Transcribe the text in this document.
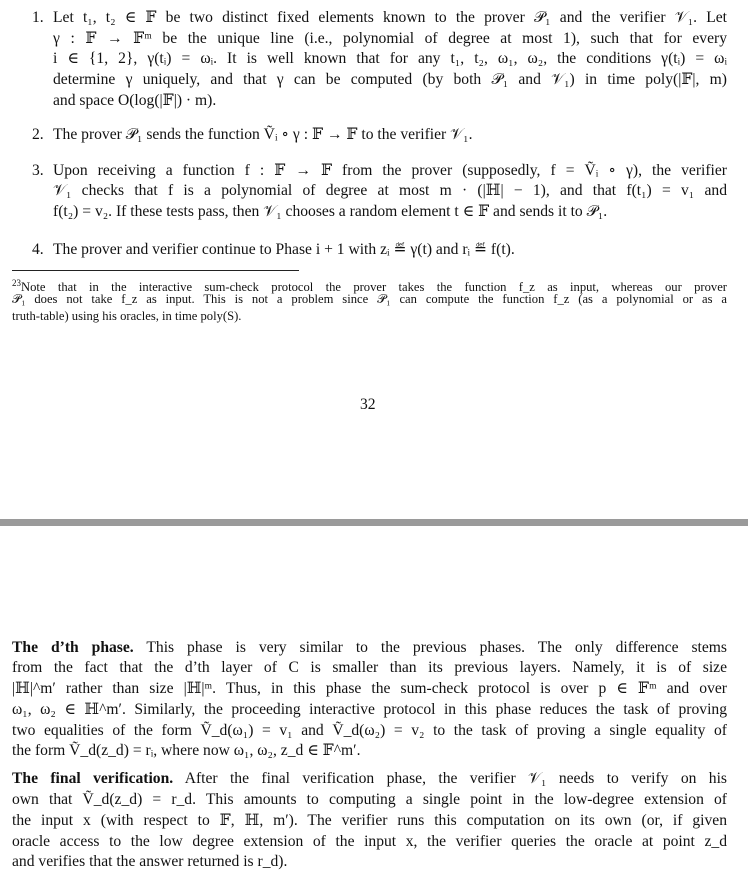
1. Let t₁, t₂ ∈ 𝔽 be two distinct fixed elements known to the prover 𝒫₁ and the verifier 𝒱₁. Let
γ : 𝔽 → 𝔽ᵐ be the unique line (i.e., polynomial of degree at most 1), such that for every
i ∈ {1, 2}, γ(tᵢ) = ωᵢ. It is well known that for any t₁, t₂, ω₁, ω₂, the conditions γ(tᵢ) = ωᵢ
determine γ uniquely, and that γ can be computed (by both 𝒫₁ and 𝒱₁) in time poly(|𝔽|, m)
and space O(log(|𝔽|) · m).
2. The prover 𝒫₁ sends the function Ṽᵢ ∘ γ : 𝔽 → 𝔽 to the verifier 𝒱₁.
3. Upon receiving a function f : 𝔽 → 𝔽 from the prover (supposedly, f = Ṽᵢ ∘ γ), the verifier
𝒱₁ checks that f is a polynomial of degree at most m · (|ℍ| − 1), and that f(t₁) = v₁ and
f(t₂) = v₂. If these tests pass, then 𝒱₁ chooses a random element t ∈ 𝔽 and sends it to 𝒫₁.
4. The prover and verifier continue to Phase i + 1 with zᵢ ≝ γ(t) and rᵢ ≝ f(t).
$^{23}$Note that in the interactive sum-check protocol the prover takes the function f_z as input, whereas our prover
𝒫₁ does not take f_z as input. This is not a problem since 𝒫₁ can compute the function f_z (as a polynomial or as a
truth-table) using his oracles, in time poly(S).
32
The d’th phase. This phase is very similar to the previous phases. The only difference stems
from the fact that the d’th layer of C is smaller than its previous layers. Namely, it is of size
|ℍ|^m′ rather than size |ℍ|ᵐ. Thus, in this phase the sum-check protocol is over p ∈ 𝔽ᵐ and over
ω₁, ω₂ ∈ ℍ^m′. Similarly, the proceeding interactive protocol in this phase reduces the task of proving
two equalities of the form Ṽ_d(ω₁) = v₁ and Ṽ_d(ω₂) = v₂ to the task of proving a single equality of
the form Ṽ_d(z_d) = rᵢ, where now ω₁, ω₂, z_d ∈ 𝔽^m′.
The final verification. After the final verification phase, the verifier 𝒱₁ needs to verify on his
own that Ṽ_d(z_d) = r_d. This amounts to computing a single point in the low-degree extension of
the input x (with respect to 𝔽, ℍ, m′). The verifier runs this computation on its own (or, if given
oracle access to the low degree extension of the input x, the verifier queries the oracle at point z_d
and verifies that the answer returned is r_d).
